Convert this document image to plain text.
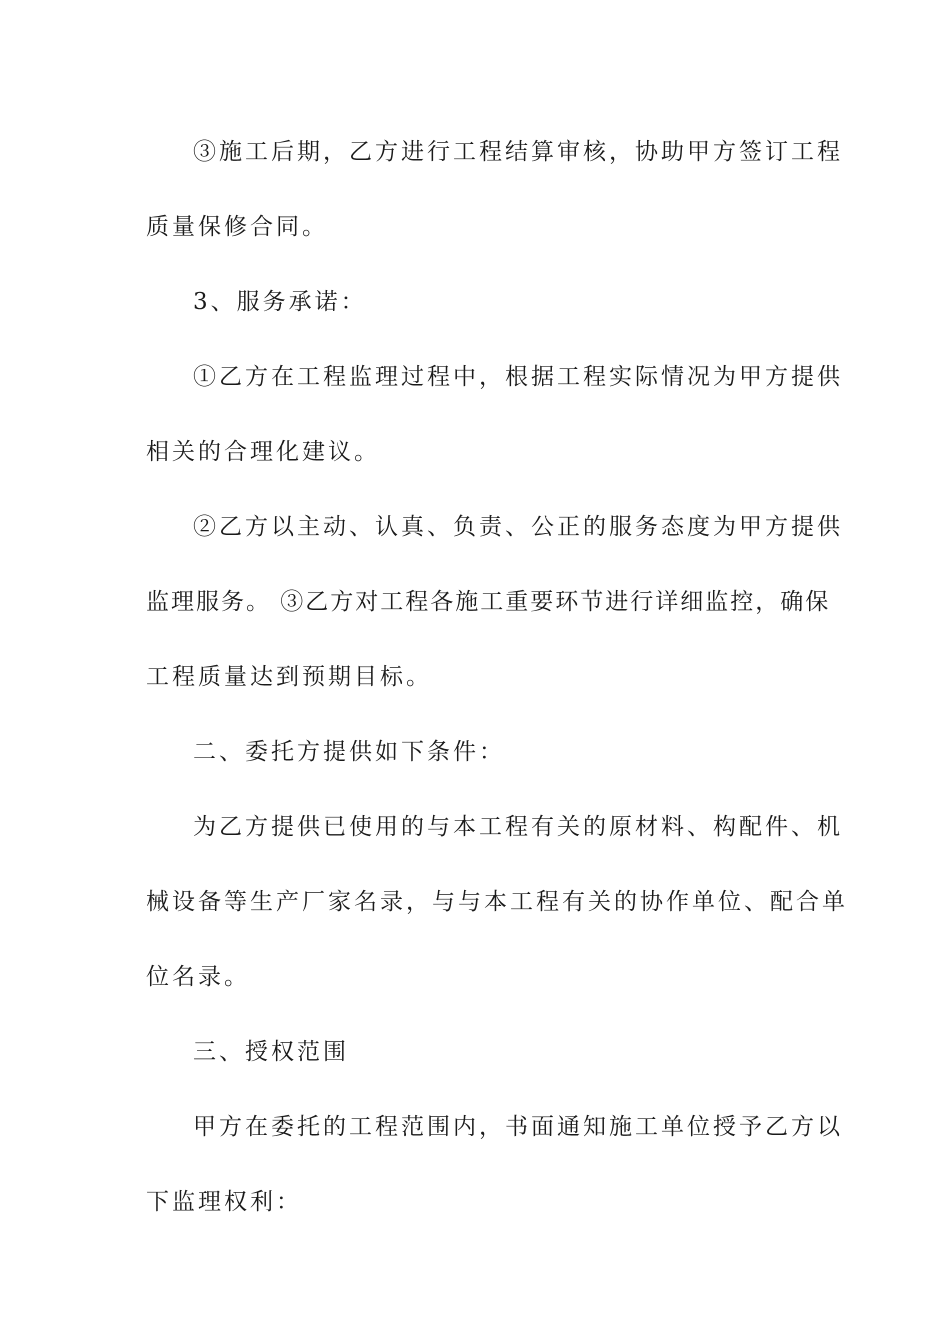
③施工后期，乙方进行工程结算审核，协助甲方签订工程
质量保修合同。
3、服务承诺：
①乙方在工程监理过程中，根据工程实际情况为甲方提供
相关的合理化建议。
②乙方以主动、认真、负责、公正的服务态度为甲方提供
监理服务。 ③乙方对工程各施工重要环节进行详细监控，确保
工程质量达到预期目标。
二、委托方提供如下条件：
为乙方提供已使用的与本工程有关的原材料、构配件、机
械设备等生产厂家名录，与与本工程有关的协作单位、配合单
位名录。
三、授权范围
甲方在委托的工程范围内，书面通知施工单位授予乙方以
下监理权利：
